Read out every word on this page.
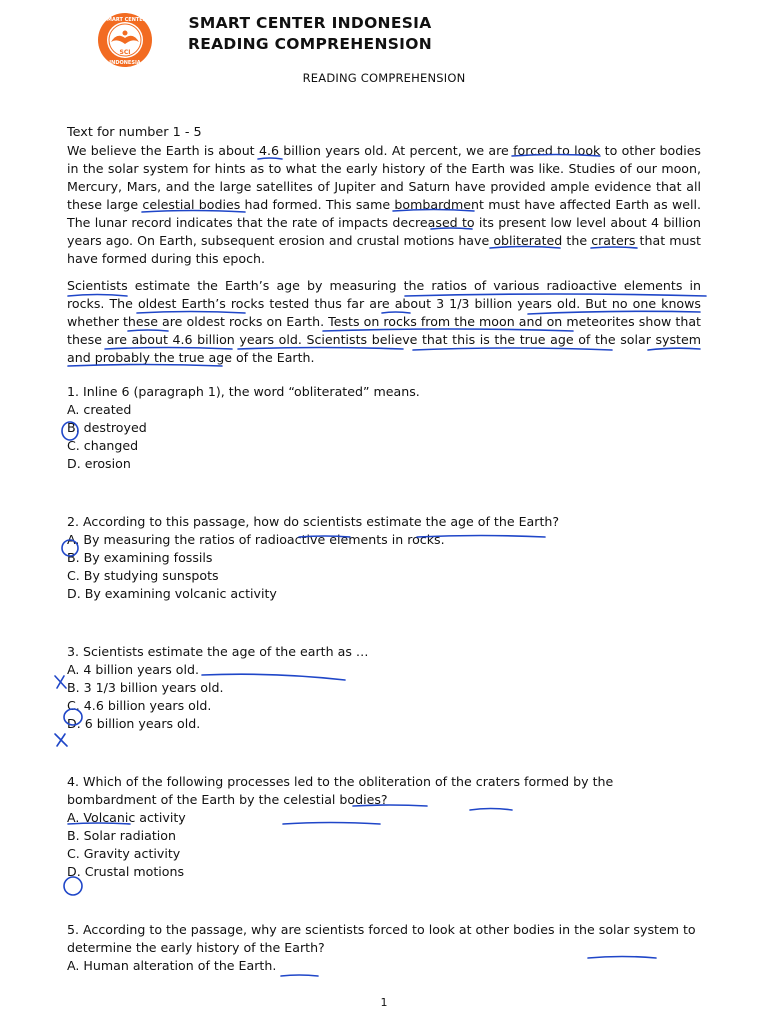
SCI
SMART CENTER
INDONESIA
SMART CENTER INDONESIA
READING COMPREHENSION
READING COMPREHENSION

Text for number 1 - 5

We believe the Earth is about 4.6 billion years old. At percent, we are forced to look to other bodies in the solar system for hints as to what the early history of the Earth was like. Studies of our moon, Mercury, Mars, and the large satellites of Jupiter and Saturn have provided ample evidence that all these large celestial bodies had formed. This same bombardment must have affected Earth as well. The lunar record indicates that the rate of impacts decreased to its present low level about 4 billion years ago. On Earth, subsequent erosion and crustal motions have obliterated the craters that must have formed during this epoch.

Scientists estimate the Earth’s age by measuring the ratios of various radioactive elements in rocks. The oldest Earth’s rocks tested thus far are about 3 1/3 billion years old. But no one knows whether these are oldest rocks on Earth. Tests on rocks from the moon and on meteorites show that these are about 4.6 billion years old. Scientists believe that this is the true age of the solar system and probably the true age of the Earth.

1. Inline 6 (paragraph 1), the word “obliterated” means.

A. created

B. destroyed

C. changed

D. erosion

2. According to this passage, how do scientists estimate the age of the Earth?

A. By measuring the ratios of radioactive elements in rocks.

B. By examining fossils

C. By studying sunspots

D. By examining volcanic activity

3. Scientists estimate the age of the earth as …

A. 4 billion years old.

B. 3 1/3 billion years old.

C. 4.6 billion years old.

D. 6 billion years old.

4. Which of the following processes led to the obliteration of the craters formed by the bombardment of the Earth by the celestial bodies?

A. Volcanic activity

B. Solar radiation

C. Gravity activity

D. Crustal motions

5. According to the passage, why are scientists forced to look at other bodies in the solar system to determine the early history of the Earth?

A. Human alteration of the Earth.

1
